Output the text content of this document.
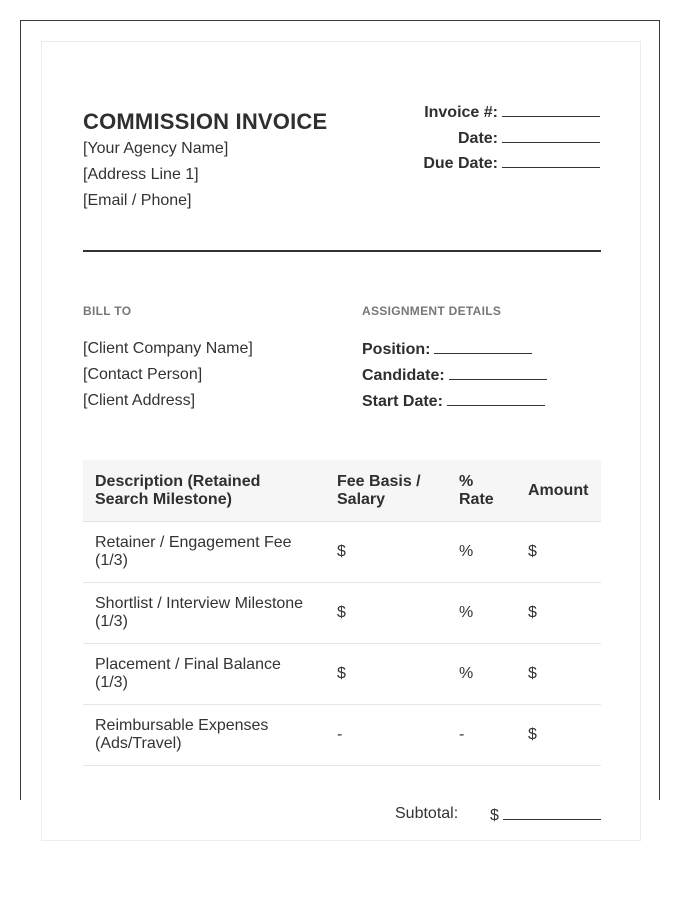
COMMISSION INVOICE
[Your Agency Name]
[Address Line 1]
[Email / Phone]
Invoice #:
Date:
Due Date:
BILL TO	ASSIGNMENT DETAILS
[Client Company Name]
[Contact Person]
[Client Address]
Position:
Candidate:
Start Date:
Description (Retained Search Milestone)	Fee Basis / Salary	% Rate	Amount
Retainer / Engagement Fee (1/3)	$	%	$
Shortlist / Interview Milestone (1/3)	$	%	$
Placement / Final Balance (1/3)	$	%	$
Reimbursable Expenses (Ads/Travel)	-	-	$
Subtotal: $
